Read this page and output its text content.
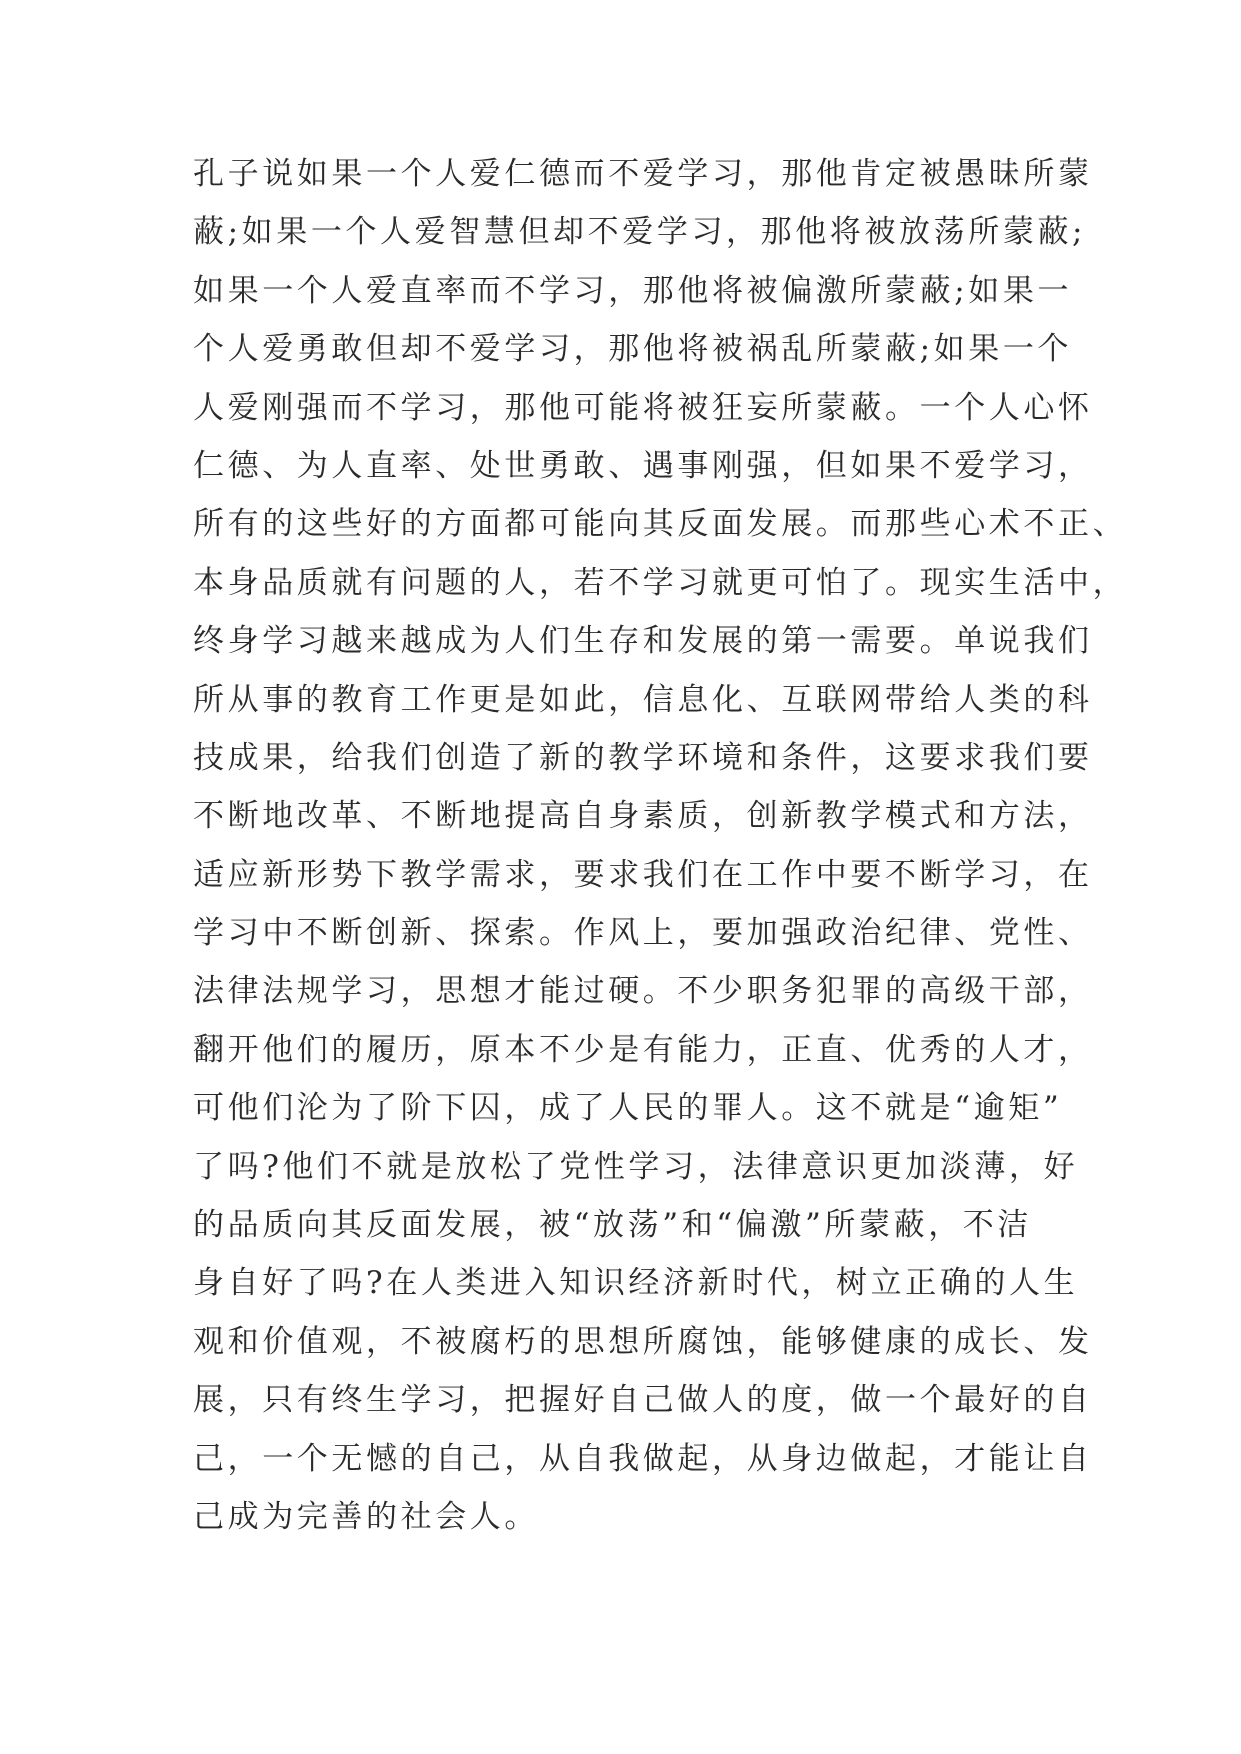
孔子说如果一个人爱仁德而不爱学习，那他肯定被愚昧所蒙
蔽;如果一个人爱智慧但却不爱学习，那他将被放荡所蒙蔽;
如果一个人爱直率而不学习，那他将被偏激所蒙蔽;如果一
个人爱勇敢但却不爱学习，那他将被祸乱所蒙蔽;如果一个
人爱刚强而不学习，那他可能将被狂妄所蒙蔽。一个人心怀
仁德、为人直率、处世勇敢、遇事刚强，但如果不爱学习，
所有的这些好的方面都可能向其反面发展。而那些心术不正、
本身品质就有问题的人，若不学习就更可怕了。现实生活中，
终身学习越来越成为人们生存和发展的第一需要。单说我们
所从事的教育工作更是如此，信息化、互联网带给人类的科
技成果，给我们创造了新的教学环境和条件，这要求我们要
不断地改革、不断地提高自身素质，创新教学模式和方法，
适应新形势下教学需求，要求我们在工作中要不断学习，在
学习中不断创新、探索。作风上，要加强政治纪律、党性、
法律法规学习，思想才能过硬。不少职务犯罪的高级干部，
翻开他们的履历，原本不少是有能力，正直、优秀的人才，
可他们沦为了阶下囚，成了人民的罪人。这不就是“逾矩”
了吗?他们不就是放松了党性学习，法律意识更加淡薄，好
的品质向其反面发展，被“放荡”和“偏激”所蒙蔽，不洁
身自好了吗?在人类进入知识经济新时代，树立正确的人生
观和价值观，不被腐朽的思想所腐蚀，能够健康的成长、发
展，只有终生学习，把握好自己做人的度，做一个最好的自
己，一个无憾的自己，从自我做起，从身边做起，才能让自
己成为完善的社会人。
